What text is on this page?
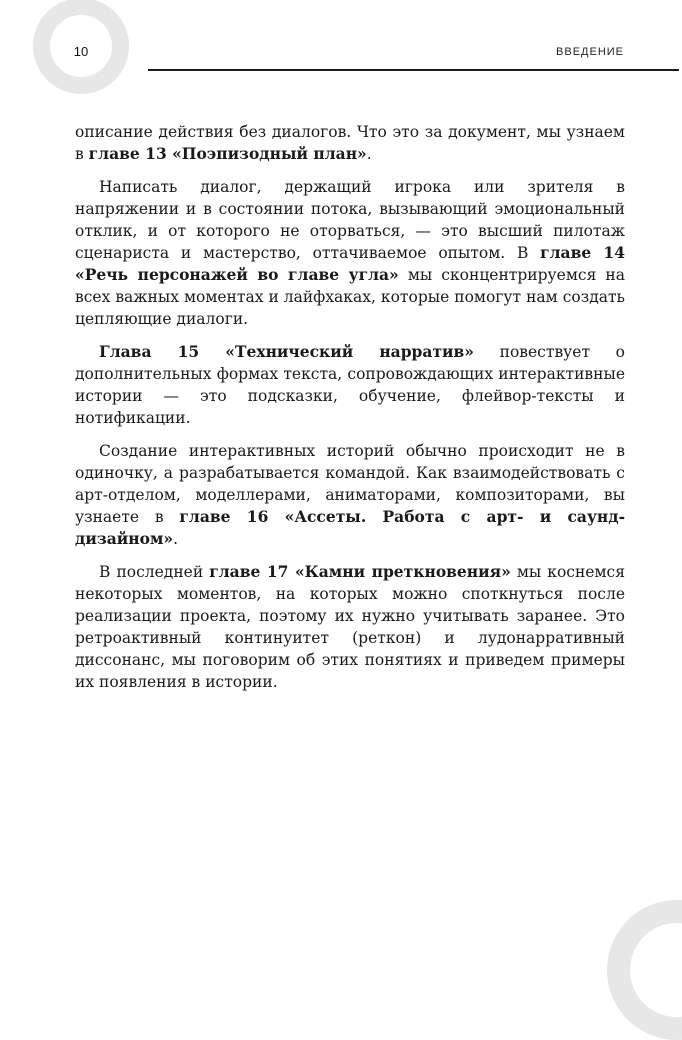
10	ВВЕДЕНИЕ

описание действия без диалогов. Что это за документ, мы узнаем в главе 13 «Поэпизодный план».

Написать диалог, держащий игрока или зрителя в напряжении и в состоянии потока, вызывающий эмоциональный отклик, и от которого не оторваться, — это высший пилотаж сценариста и мастерство, оттачиваемое опытом. В главе 14 «Речь персонажей во главе угла» мы сконцентрируемся на всех важных моментах и лайфхаках, которые помогут нам создать цепляющие диалоги.

Глава 15 «Технический нарратив» повествует о дополнительных формах текста, сопровождающих интерактивные истории — это подсказки, обучение, флейвор-тексты и нотификации.

Создание интерактивных историй обычно происходит не в одиночку, а разрабатывается командой. Как взаимодействовать с арт-отделом, моделлерами, аниматорами, композиторами, вы узнаете в главе 16 «Ассеты. Работа с арт- и саунд-дизайном».

В последней главе 17 «Камни преткновения» мы коснемся некоторых моментов, на которых можно споткнуться после реализации проекта, поэтому их нужно учитывать заранее. Это ретроактивный континуитет (реткон) и лудонарративный диссонанс, мы поговорим об этих понятиях и приведем примеры их появления в истории.
